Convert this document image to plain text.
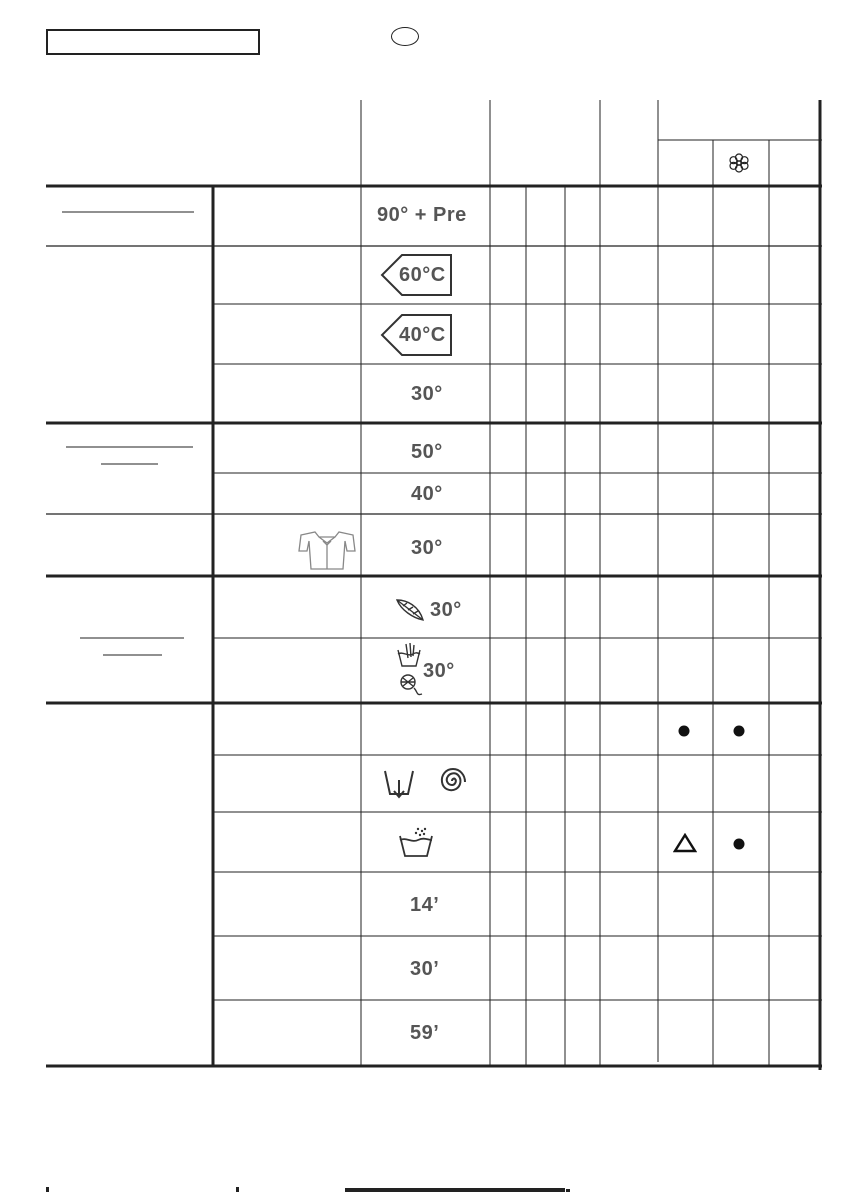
90° + Pre
60°C
40°C
30°
50°
40°
30°
30°
30°
14’
30’
59’
